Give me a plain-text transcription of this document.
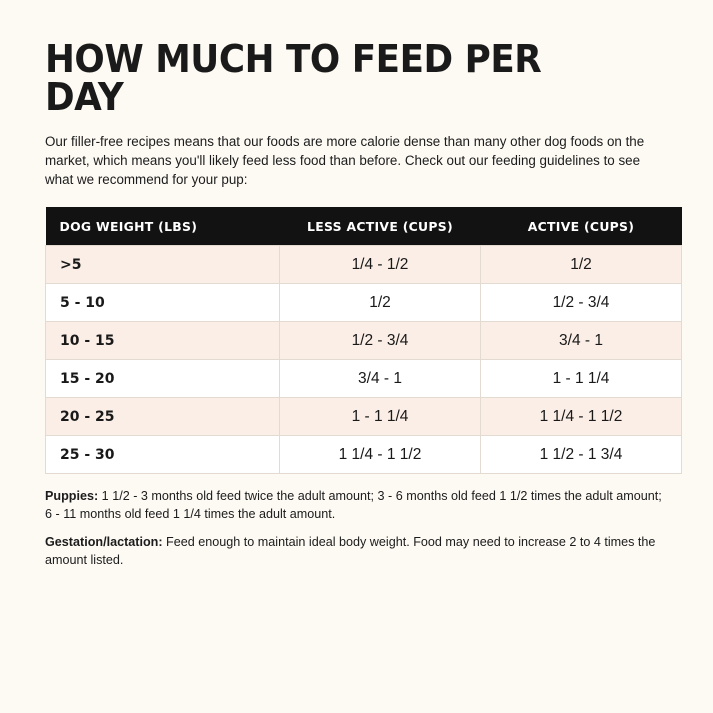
HOW MUCH TO FEED PER DAY

Our filler-free recipes means that our foods are more calorie dense than many other dog foods on the market, which means you'll likely feed less food than before. Check out our feeding guidelines to see what we recommend for your pup:

DOG WEIGHT (LBS)	LESS ACTIVE (CUPS)	ACTIVE (CUPS)
>5	1/4 - 1/2	1/2
5 - 10	1/2	1/2 - 3/4
10 - 15	1/2 - 3/4	3/4 - 1
15 - 20	3/4 - 1	1 - 1 1/4
20 - 25	1 - 1 1/4	1 1/4 - 1 1/2
25 - 30	1 1/4 - 1 1/2	1 1/2 - 1 3/4
Puppies: 1 1/2 - 3 months old feed twice the adult amount; 3 - 6 months old feed 1 1/2 times the adult amount; 6 - 11 months old feed 1 1/4 times the adult amount.
Gestation/lactation: Feed enough to maintain ideal body weight. Food may need to increase 2 to 4 times the amount listed.
